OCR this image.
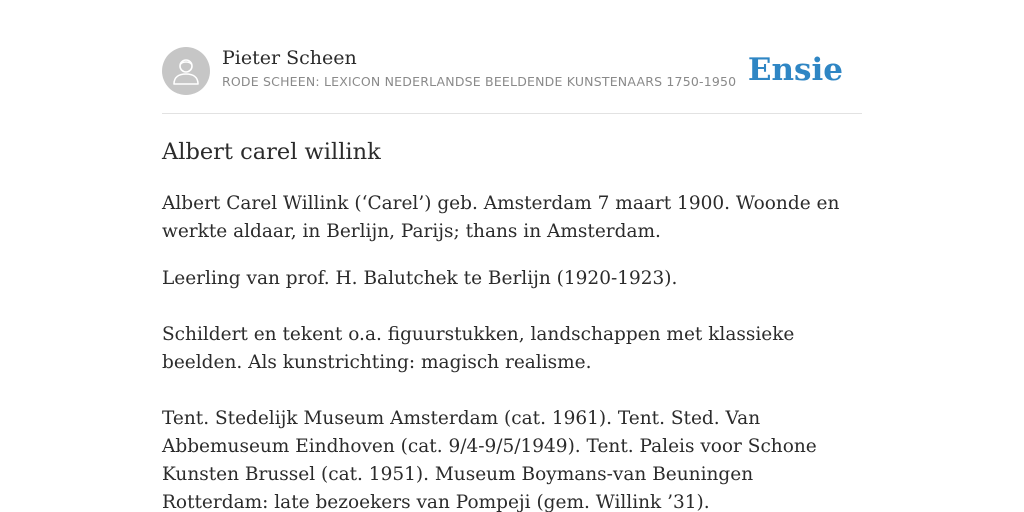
Pieter Scheen
RODE SCHEEN: LEXICON NEDERLANDSE BEELDENDE KUNSTENAARS 1750-1950 Ensie
Albert carel willink

Albert Carel Willink (‘Carel’) geb. Amsterdam 7 maart 1900. Woonde en werkte aldaar, in Berlijn, Parijs; thans in Amsterdam.

Leerling van prof. H. Balutchek te Berlijn (1920-1923).

Schildert en tekent o.a. figuurstukken, landschappen met klassieke beelden. Als kunstrichting: magisch realisme.

Tent. Stedelijk Museum Amsterdam (cat. 1961). Tent. Sted. Van Abbemuseum Eindhoven (cat. 9/4-9/5/1949). Tent. Paleis voor Schone Kunsten Brussel (cat. 1951). Museum Boymans-van Beuningen Rotterdam: late bezoekers van Pompeji (gem. Willink ’31).
